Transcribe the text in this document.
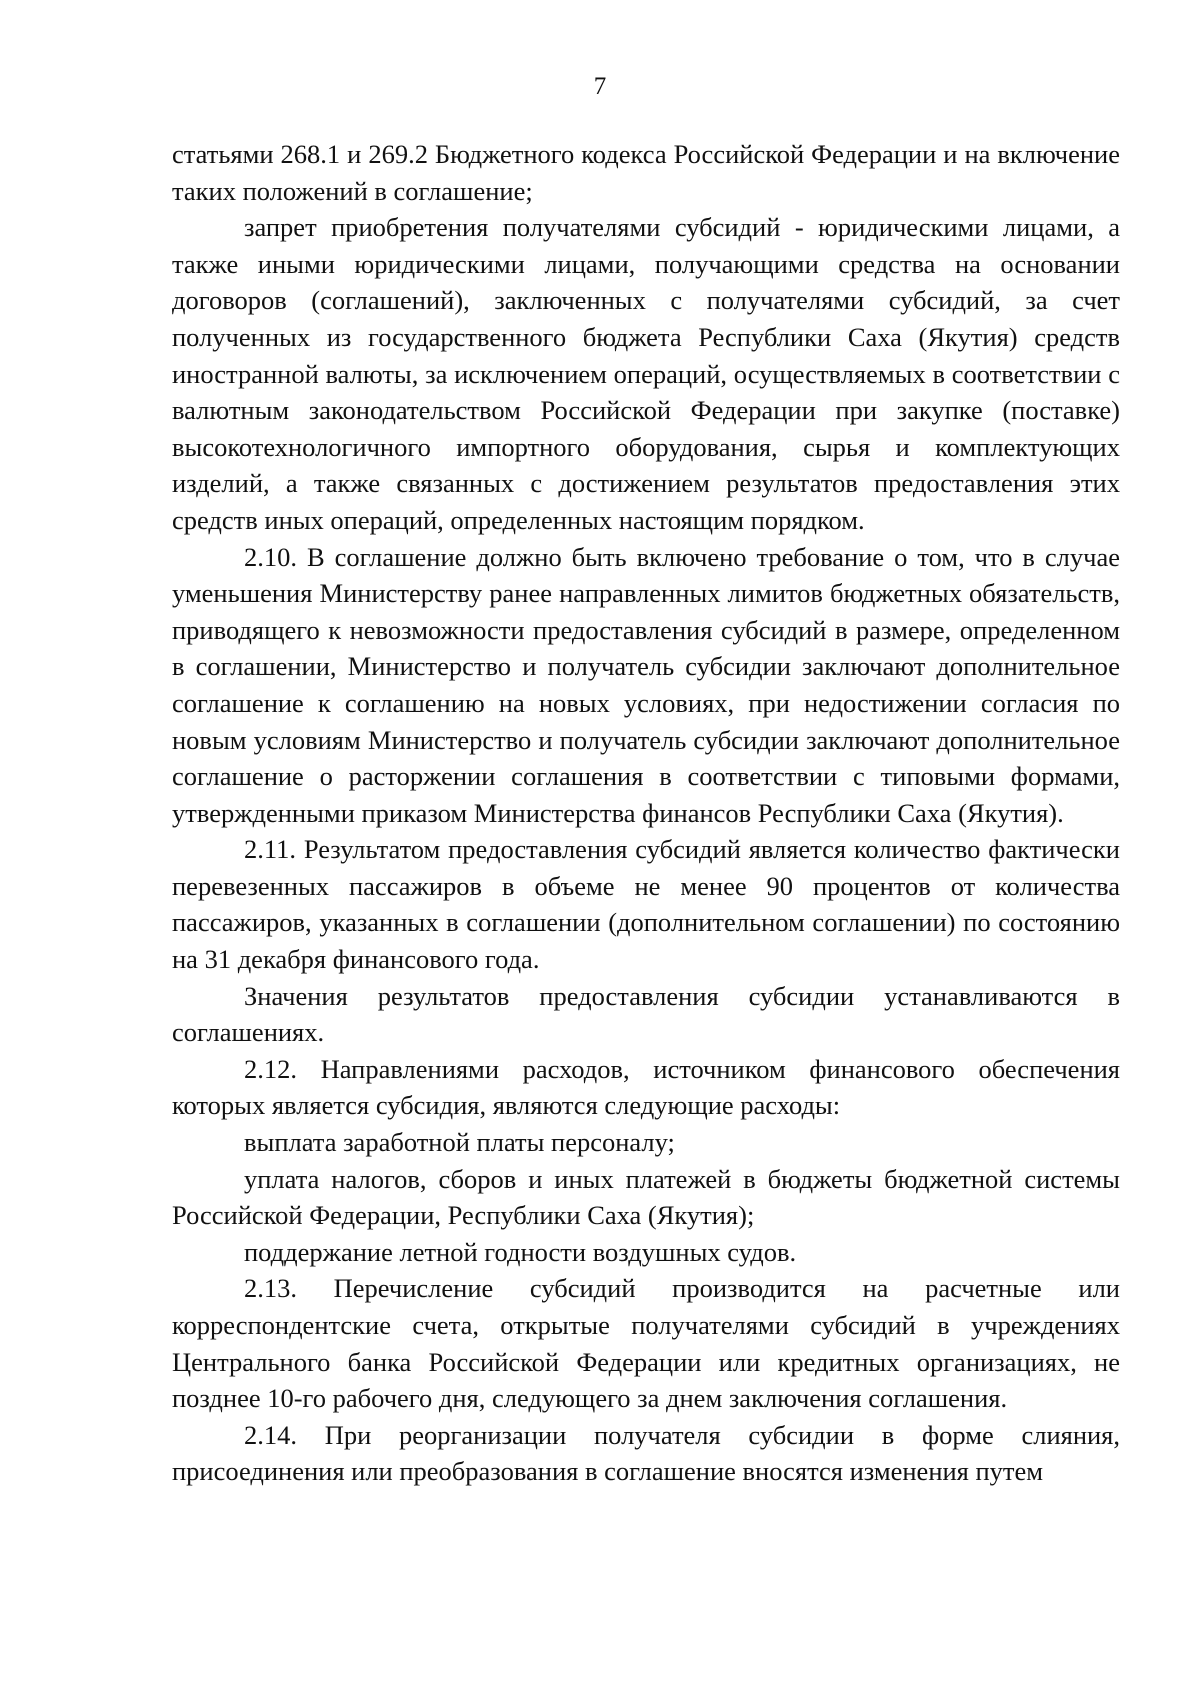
7

статьями 268.1 и 269.2 Бюджетного кодекса Российской Федерации и на включение таких положений в соглашение;

запрет приобретения получателями субсидий - юридическими лицами, а также иными юридическими лицами, получающими средства на основании договоров (соглашений), заключенных с получателями субсидий, за счет полученных из государственного бюджета Республики Саха (Якутия) средств иностранной валюты, за исключением операций, осуществляемых в соответствии с валютным законодательством Российской Федерации при закупке (поставке) высокотехнологичного импортного оборудования, сырья и комплектующих изделий, а также связанных с достижением результатов предоставления этих средств иных операций, определенных настоящим порядком.

2.10. В соглашение должно быть включено требование о том, что в случае уменьшения Министерству ранее направленных лимитов бюджетных обязательств, приводящего к невозможности предоставления субсидий в размере, определенном в соглашении, Министерство и получатель субсидии заключают дополнительное соглашение к соглашению на новых условиях, при недостижении согласия по новым условиям Министерство и получатель субсидии заключают дополнительное соглашение о расторжении соглашения в соответствии с типовыми формами, утвержденными приказом Министерства финансов Республики Саха (Якутия).

2.11. Результатом предоставления субсидий является количество фактически перевезенных пассажиров в объеме не менее 90 процентов от количества пассажиров, указанных в соглашении (дополнительном соглашении) по состоянию на 31 декабря финансового года.

Значения результатов предоставления субсидии устанавливаются в соглашениях.

2.12. Направлениями расходов, источником финансового обеспечения которых является субсидия, являются следующие расходы:

выплата заработной платы персоналу;

уплата налогов, сборов и иных платежей в бюджеты бюджетной системы Российской Федерации, Республики Саха (Якутия);

поддержание летной годности воздушных судов.

2.13. Перечисление субсидий производится на расчетные или корреспондентские счета, открытые получателями субсидий в учреждениях Центрального банка Российской Федерации или кредитных организациях, не позднее 10-го рабочего дня, следующего за днем заключения соглашения.

2.14. При реорганизации получателя субсидии в форме слияния, присоединения или преобразования в соглашение вносятся изменения путем
